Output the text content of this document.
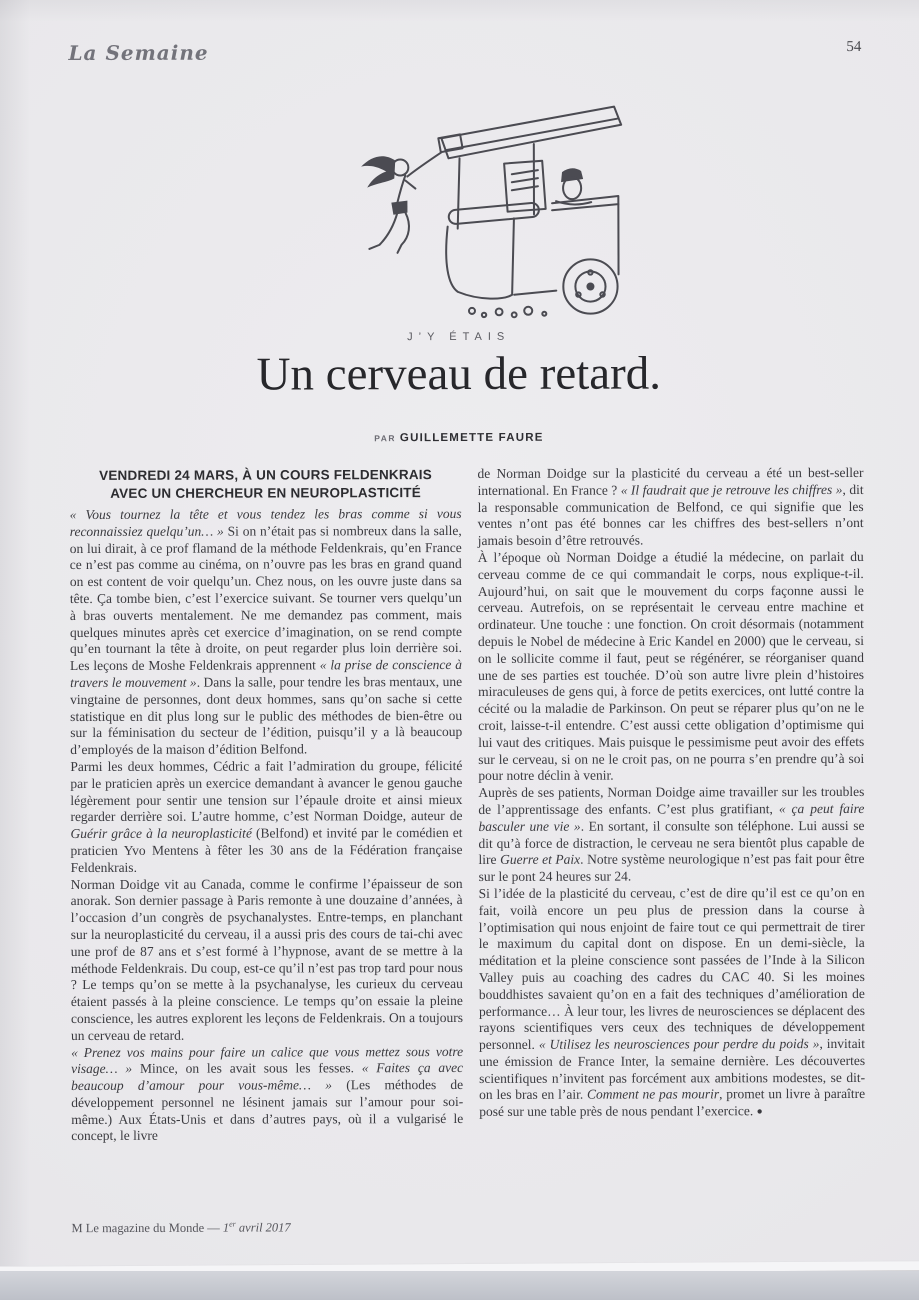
La Semaine	54
J’Y ÉTAIS
Un cerveau de retard.
PAR GUILLEMETTE FAURE
VENDREDI 24 MARS, À UN COURS FELDENKRAIS
AVEC UN CHERCHEUR EN NEUROPLASTICITÉ

« Vous tournez la tête et vous tendez les bras comme si vous reconnaissiez quelqu’un… » Si on n’était pas si nombreux dans la salle, on lui dirait, à ce prof flamand de la méthode Feldenkrais, qu’en France ce n’est pas comme au cinéma, on n’ouvre pas les bras en grand quand on est content de voir quelqu’un. Chez nous, on les ouvre juste dans sa tête. Ça tombe bien, c’est l’exercice suivant. Se tourner vers quelqu’un à bras ouverts mentalement. Ne me demandez pas comment, mais quelques minutes après cet exercice d’imagination, on se rend compte qu’en tournant la tête à droite, on peut regarder plus loin derrière soi. Les leçons de Moshe Feldenkrais apprennent « la prise de conscience à travers le mouvement ». Dans la salle, pour tendre les bras mentaux, une vingtaine de personnes, dont deux hommes, sans qu’on sache si cette statistique en dit plus long sur le public des méthodes de bien-être ou sur la féminisation du secteur de l’édition, puisqu’il y a là beaucoup d’employés de la maison d’édition Belfond.

Parmi les deux hommes, Cédric a fait l’admiration du groupe, félicité par le praticien après un exercice demandant à avancer le genou gauche légèrement pour sentir une tension sur l’épaule droite et ainsi mieux regarder derrière soi. L’autre homme, c’est Norman Doidge, auteur de Guérir grâce à la neuroplasticité (Belfond) et invité par le comédien et praticien Yvo Mentens à fêter les 30 ans de la Fédération française Feldenkrais.

Norman Doidge vit au Canada, comme le confirme l’épaisseur de son anorak. Son dernier passage à Paris remonte à une douzaine d’années, à l’occasion d’un congrès de psychanalystes. Entre-temps, en planchant sur la neuroplasticité du cerveau, il a aussi pris des cours de tai-chi avec une prof de 87 ans et s’est formé à l’hypnose, avant de se mettre à la méthode Feldenkrais. Du coup, est-ce qu’il n’est pas trop tard pour nous ? Le temps qu’on se mette à la psychanalyse, les curieux du cerveau étaient passés à la pleine conscience. Le temps qu’on essaie la pleine conscience, les autres explorent les leçons de Feldenkrais. On a toujours un cerveau de retard.

« Prenez vos mains pour faire un calice que vous mettez sous votre visage… » Mince, on les avait sous les fesses. « Faites ça avec beaucoup d’amour pour vous-même… » (Les méthodes de développement personnel ne lésinent jamais sur l’amour pour soi-même.) Aux États-Unis et dans d’autres pays, où il a vulgarisé le concept, le livre

de Norman Doidge sur la plasticité du cerveau a été un best-seller international. En France ? « Il faudrait que je retrouve les chiffres », dit la responsable communication de Belfond, ce qui signifie que les ventes n’ont pas été bonnes car les chiffres des best-sellers n’ont jamais besoin d’être retrouvés.

À l’époque où Norman Doidge a étudié la médecine, on parlait du cerveau comme de ce qui commandait le corps, nous explique-t-il. Aujourd’hui, on sait que le mouvement du corps façonne aussi le cerveau. Autrefois, on se représentait le cerveau entre machine et ordinateur. Une touche : une fonction. On croit désormais (notamment depuis le Nobel de médecine à Eric Kandel en 2000) que le cerveau, si on le sollicite comme il faut, peut se régénérer, se réorganiser quand une de ses parties est touchée. D’où son autre livre plein d’histoires miraculeuses de gens qui, à force de petits exercices, ont lutté contre la cécité ou la maladie de Parkinson. On peut se réparer plus qu’on ne le croit, laisse-t-il entendre. C’est aussi cette obligation d’optimisme qui lui vaut des critiques. Mais puisque le pessimisme peut avoir des effets sur le cerveau, si on ne le croit pas, on ne pourra s’en prendre qu’à soi pour notre déclin à venir.

Auprès de ses patients, Norman Doidge aime travailler sur les troubles de l’apprentissage des enfants. C’est plus gratifiant, « ça peut faire basculer une vie ». En sortant, il consulte son téléphone. Lui aussi se dit qu’à force de distraction, le cerveau ne sera bientôt plus capable de lire Guerre et Paix. Notre système neurologique n’est pas fait pour être sur le pont 24 heures sur 24.

Si l’idée de la plasticité du cerveau, c’est de dire qu’il est ce qu’on en fait, voilà encore un peu plus de pression dans la course à l’optimisation qui nous enjoint de faire tout ce qui permettrait de tirer le maximum du capital dont on dispose. En un demi-siècle, la méditation et la pleine conscience sont passées de l’Inde à la Silicon Valley puis au coaching des cadres du CAC 40. Si les moines bouddhistes savaient qu’on en a fait des techniques d’amélioration de performance… À leur tour, les livres de neurosciences se déplacent des rayons scientifiques vers ceux des techniques de développement personnel. « Utilisez les neurosciences pour perdre du poids », invitait une émission de France Inter, la semaine dernière. Les découvertes scientifiques n’invitent pas forcément aux ambitions modestes, se dit-on les bras en l’air. Comment ne pas mourir, promet un livre à paraître posé sur une table près de nous pendant l’exercice. ●

M Le magazine du Monde — 1er avril 2017
